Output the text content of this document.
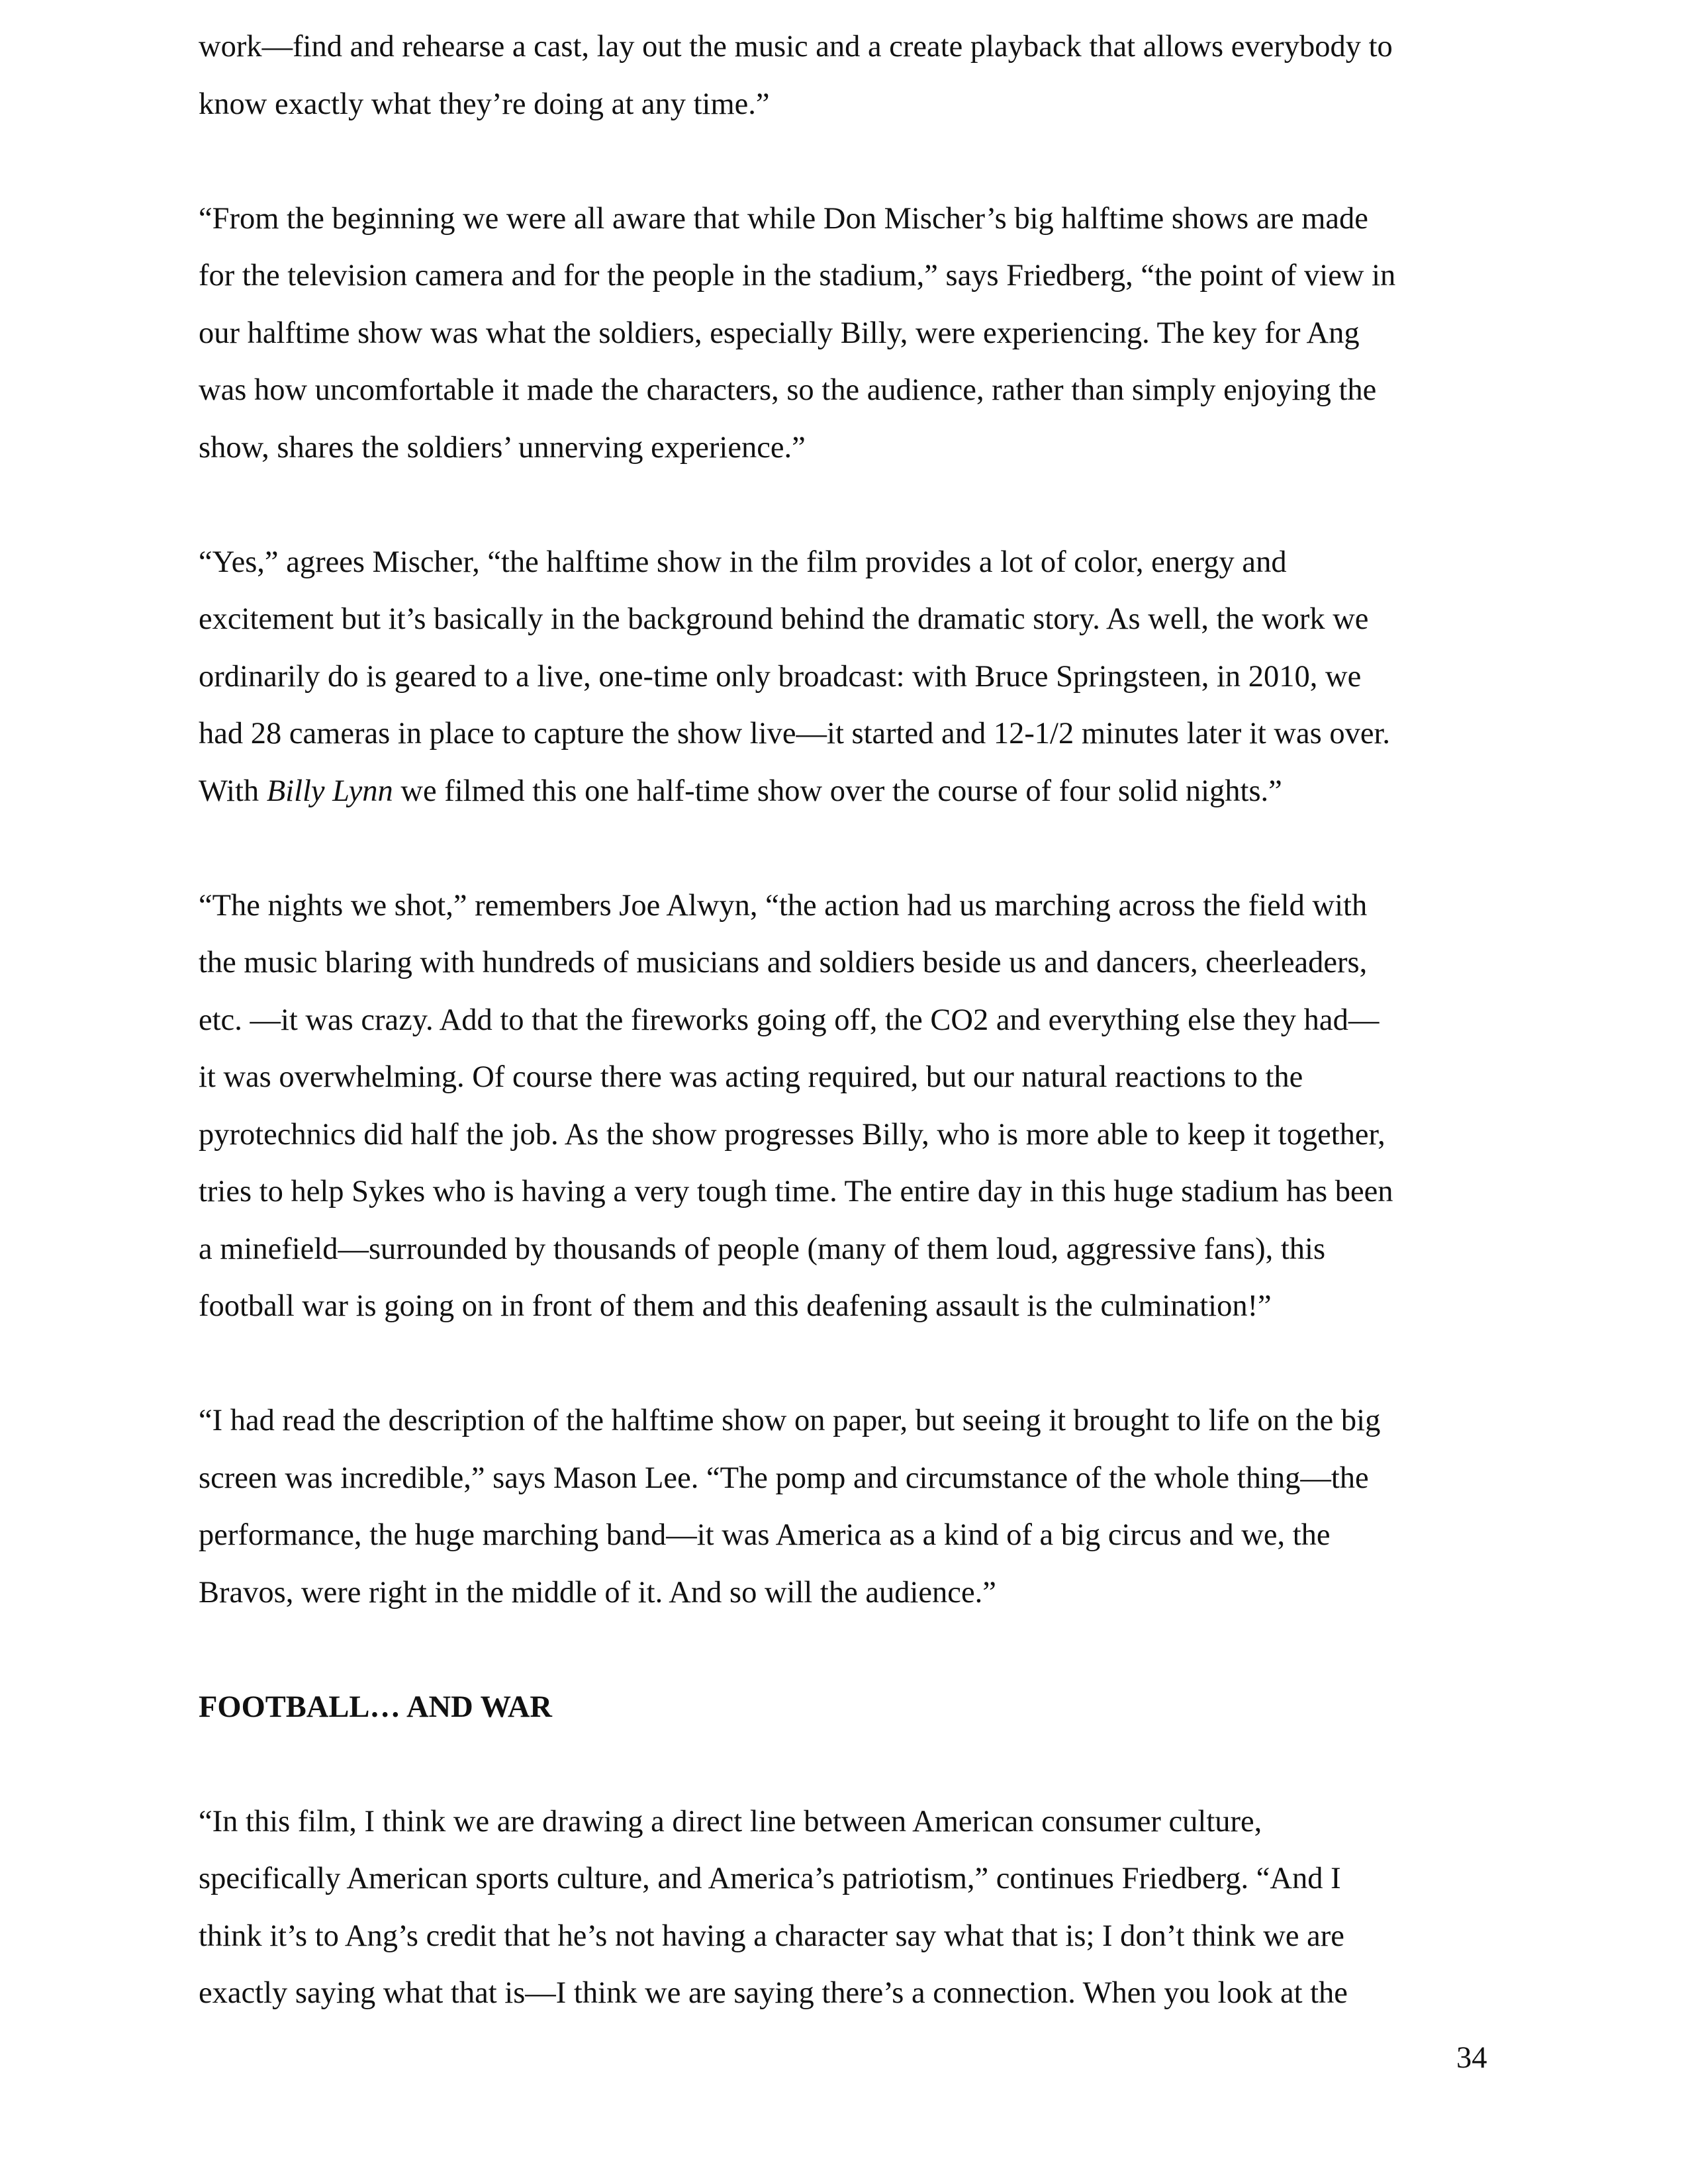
work—find and rehearse a cast, lay out the music and a create playback that allows everybody to
know exactly what they’re doing at any time.”
“From the beginning we were all aware that while Don Mischer’s big halftime shows are made
for the television camera and for the people in the stadium,” says Friedberg, “the point of view in
our halftime show was what the soldiers, especially Billy, were experiencing. The key for Ang
was how uncomfortable it made the characters, so the audience, rather than simply enjoying the
show, shares the soldiers’ unnerving experience.”
“Yes,” agrees Mischer, “the halftime show in the film provides a lot of color, energy and
excitement but it’s basically in the background behind the dramatic story. As well, the work we
ordinarily do is geared to a live, one-time only broadcast: with Bruce Springsteen, in 2010, we
had 28 cameras in place to capture the show live—it started and 12-1/2 minutes later it was over.
With Billy Lynn we filmed this one half-time show over the course of four solid nights.”
“The nights we shot,” remembers Joe Alwyn, “the action had us marching across the field with
the music blaring with hundreds of musicians and soldiers beside us and dancers, cheerleaders,
etc. —it was crazy. Add to that the fireworks going off, the CO2 and everything else they had—
it was overwhelming. Of course there was acting required, but our natural reactions to the
pyrotechnics did half the job. As the show progresses Billy, who is more able to keep it together,
tries to help Sykes who is having a very tough time. The entire day in this huge stadium has been
a minefield—surrounded by thousands of people (many of them loud, aggressive fans), this
football war is going on in front of them and this deafening assault is the culmination!”
“I had read the description of the halftime show on paper, but seeing it brought to life on the big
screen was incredible,” says Mason Lee. “The pomp and circumstance of the whole thing—the
performance, the huge marching band—it was America as a kind of a big circus and we, the
Bravos, were right in the middle of it. And so will the audience.”
FOOTBALL… AND WAR
“In this film, I think we are drawing a direct line between American consumer culture,
specifically American sports culture, and America’s patriotism,” continues Friedberg. “And I
think it’s to Ang’s credit that he’s not having a character say what that is; I don’t think we are
exactly saying what that is—I think we are saying there’s a connection. When you look at the
34
